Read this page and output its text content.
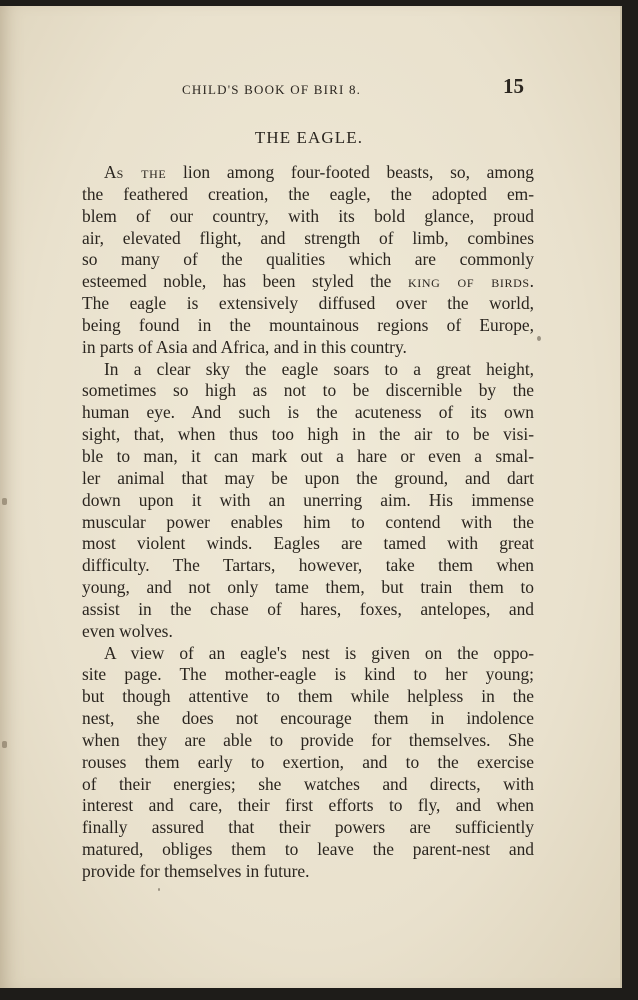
CHILD'S BOOK OF BIRI 8.	15
THE EAGLE.
As the lion among four-footed beasts, so, among
the feathered creation, the eagle, the adopted em-
blem of our country, with its bold glance, proud
air, elevated flight, and strength of limb, combines
so many of the qualities which are commonly
esteemed noble, has been styled the king of birds.
The eagle is extensively diffused over the world,
being found in the mountainous regions of Europe,
in parts of Asia and Africa, and in this country.
In a clear sky the eagle soars to a great height,
sometimes so high as not to be discernible by the
human eye. And such is the acuteness of its own
sight, that, when thus too high in the air to be visi-
ble to man, it can mark out a hare or even a smal-
ler animal that may be upon the ground, and dart
down upon it with an unerring aim. His immense
muscular power enables him to contend with the
most violent winds. Eagles are tamed with great
difficulty. The Tartars, however, take them when
young, and not only tame them, but train them to
assist in the chase of hares, foxes, antelopes, and
even wolves.
A view of an eagle's nest is given on the oppo-
site page. The mother-eagle is kind to her young;
but though attentive to them while helpless in the
nest, she does not encourage them in indolence
when they are able to provide for themselves. She
rouses them early to exertion, and to the exercise
of their energies; she watches and directs, with
interest and care, their first efforts to fly, and when
finally assured that their powers are sufficiently
matured, obliges them to leave the parent-nest and
provide for themselves in future.
